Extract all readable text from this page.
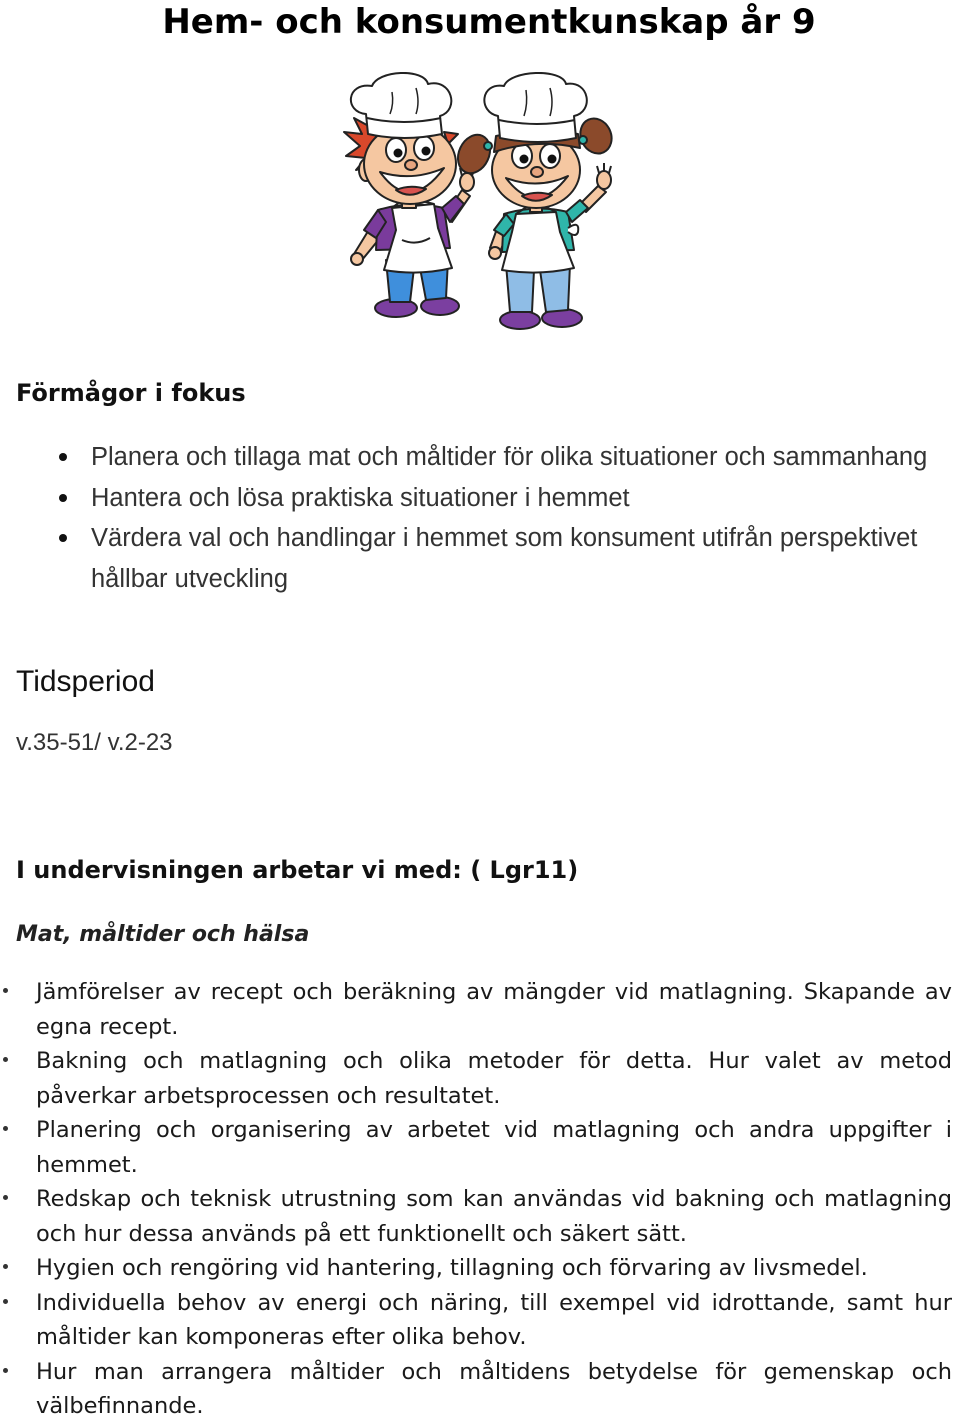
Hem- och konsumentkunskap år 9
Förmågor i fokus
Planera och tillaga mat och måltider för olika situationer och sammanhang
Hantera och lösa praktiska situationer i hemmet
Värdera val och handlingar i hemmet som konsument utifrån perspektivet hållbar utveckling
Tidsperiod
v.35-51/ v.2-23
I undervisningen arbetar vi med: ( Lgr11)
Mat, måltider och hälsa
Jämförelser av recept och beräkning av mängder vid matlagning. Skapande av egna recept.
Bakning och matlagning och olika metoder för detta. Hur valet av metod påverkar arbetsprocessen och resultatet.
Planering och organisering av arbetet vid matlagning och andra uppgifter i hemmet.
Redskap och teknisk utrustning som kan användas vid bakning och matlagning och hur dessa används på ett funktionellt och säkert sätt.
Hygien och rengöring vid hantering, tillagning och förvaring av livsmedel.
Individuella behov av energi och näring, till exempel vid idrottande, samt hur måltider kan komponeras efter olika behov.
Hur man arrangera måltider och måltidens betydelse för gemenskap och välbefinnande.
